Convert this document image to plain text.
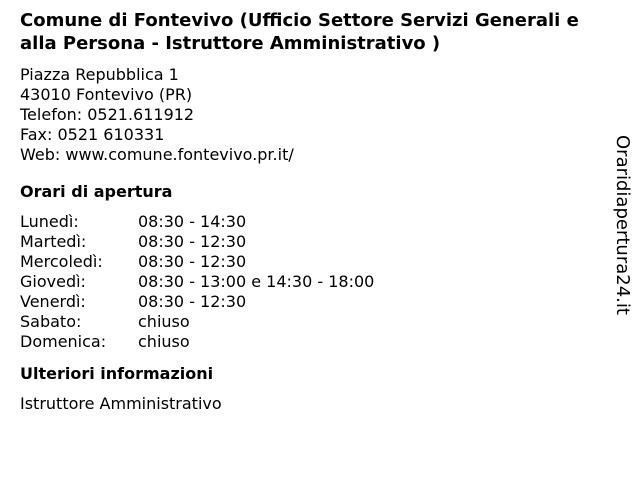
Comune di Fontevivo (Ufficio Settore Servizi Generali e alla Persona - Istruttore Amministrativo )
Piazza Repubblica 1
43010 Fontevivo (PR)
Telefon: 0521.611912
Fax: 0521 610331
Web: www.comune.fontevivo.pr.it/
Orari di apertura
Lunedì:	08:30 - 14:30
Martedì:	08:30 - 12:30
Mercoledì:	08:30 - 12:30
Giovedì:	08:30 - 13:00 e 14:30 - 18:00
Venerdì:	08:30 - 12:30
Sabato:	chiuso
Domenica:	chiuso
Ulteriori informazioni
Istruttore Amministrativo
Oraridiapertura24.it
